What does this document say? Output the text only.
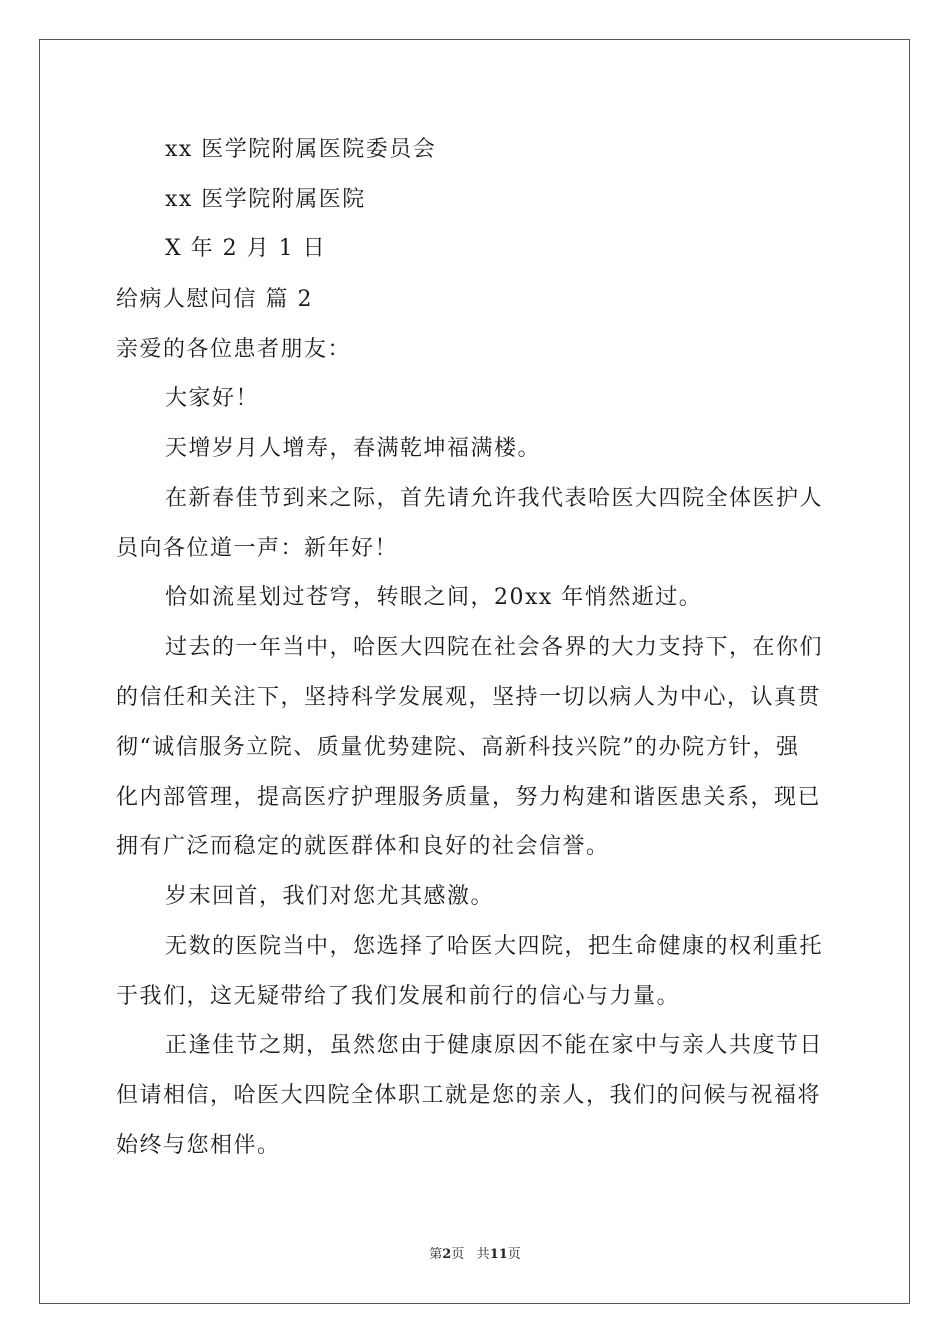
xx 医学院附属医院委员会
xx 医学院附属医院
X 年 2 月 1 日
给病人慰问信 篇 2
亲爱的各位患者朋友：
大家好！
天增岁月人增寿，春满乾坤福满楼。
在新春佳节到来之际，首先请允许我代表哈医大四院全体医护人
员向各位道一声：新年好！
恰如流星划过苍穹，转眼之间，20xx 年悄然逝过。
过去的一年当中，哈医大四院在社会各界的大力支持下，在你们
的信任和关注下，坚持科学发展观，坚持一切以病人为中心，认真贯
彻“诚信服务立院、质量优势建院、高新科技兴院”的办院方针，强
化内部管理，提高医疗护理服务质量，努力构建和谐医患关系，现已
拥有广泛而稳定的就医群体和良好的社会信誉。
岁末回首，我们对您尤其感激。
无数的医院当中，您选择了哈医大四院，把生命健康的权利重托
于我们，这无疑带给了我们发展和前行的信心与力量。
正逢佳节之期，虽然您由于健康原因不能在家中与亲人共度节日
但请相信，哈医大四院全体职工就是您的亲人，我们的问候与祝福将
始终与您相伴。
第2页 共11页
